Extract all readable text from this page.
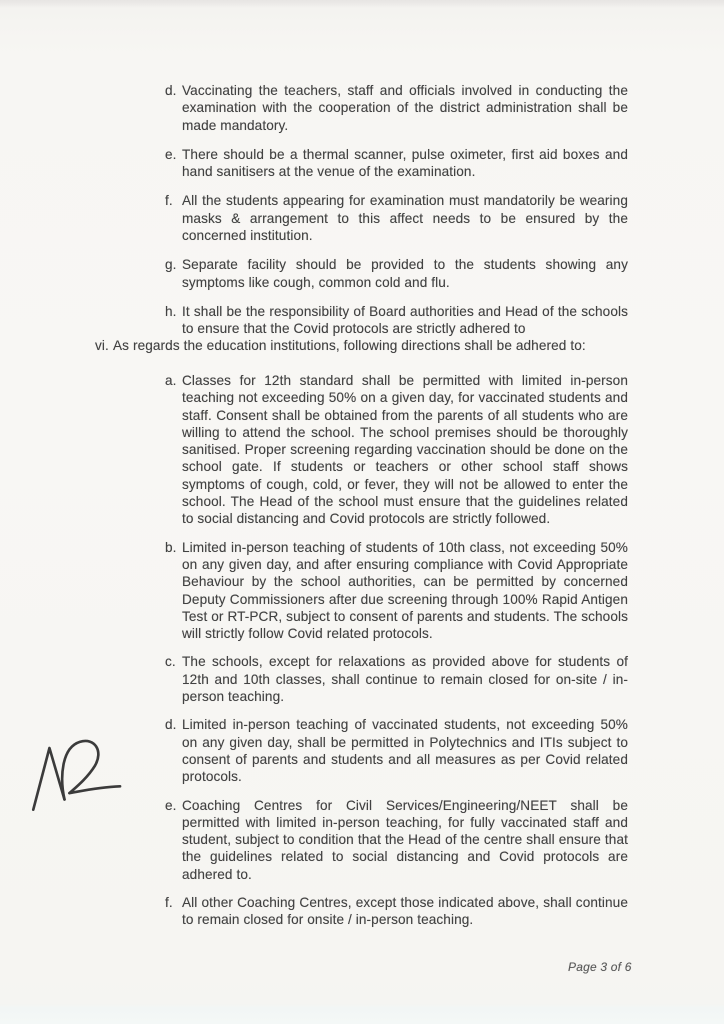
d. Vaccinating the teachers, staff and officials involved in conducting the examination with the cooperation of the district administration shall be made mandatory.
e. There should be a thermal scanner, pulse oximeter, first aid boxes and hand sanitisers at the venue of the examination.
f. All the students appearing for examination must mandatorily be wearing masks & arrangement to this affect needs to be ensured by the concerned institution.
g. Separate facility should be provided to the students showing any symptoms like cough, common cold and flu.
h. It shall be the responsibility of Board authorities and Head of the schools to ensure that the Covid protocols are strictly adhered to
vi. As regards the education institutions, following directions shall be adhered to:
a. Classes for 12th standard shall be permitted with limited in-person teaching not exceeding 50% on a given day, for vaccinated students and staff. Consent shall be obtained from the parents of all students who are willing to attend the school. The school premises should be thoroughly sanitised. Proper screening regarding vaccination should be done on the school gate. If students or teachers or other school staff shows symptoms of cough, cold, or fever, they will not be allowed to enter the school. The Head of the school must ensure that the guidelines related to social distancing and Covid protocols are strictly followed.
b. Limited in-person teaching of students of 10th class, not exceeding 50% on any given day, and after ensuring compliance with Covid Appropriate Behaviour by the school authorities, can be permitted by concerned Deputy Commissioners after due screening through 100% Rapid Antigen Test or RT-PCR, subject to consent of parents and students. The schools will strictly follow Covid related protocols.
c. The schools, except for relaxations as provided above for students of 12th and 10th classes, shall continue to remain closed for on-site / in- person teaching.
d. Limited in-person teaching of vaccinated students, not exceeding 50% on any given day, shall be permitted in Polytechnics and ITIs subject to consent of parents and students and all measures as per Covid related protocols.
e. Coaching Centres for Civil Services/Engineering/NEET shall be permitted with limited in-person teaching, for fully vaccinated staff and student, subject to condition that the Head of the centre shall ensure that the guidelines related to social distancing and Covid protocols are adhered to.
f. All other Coaching Centres, except those indicated above, shall continue to remain closed for onsite / in-person teaching.
Page 3 of 6
